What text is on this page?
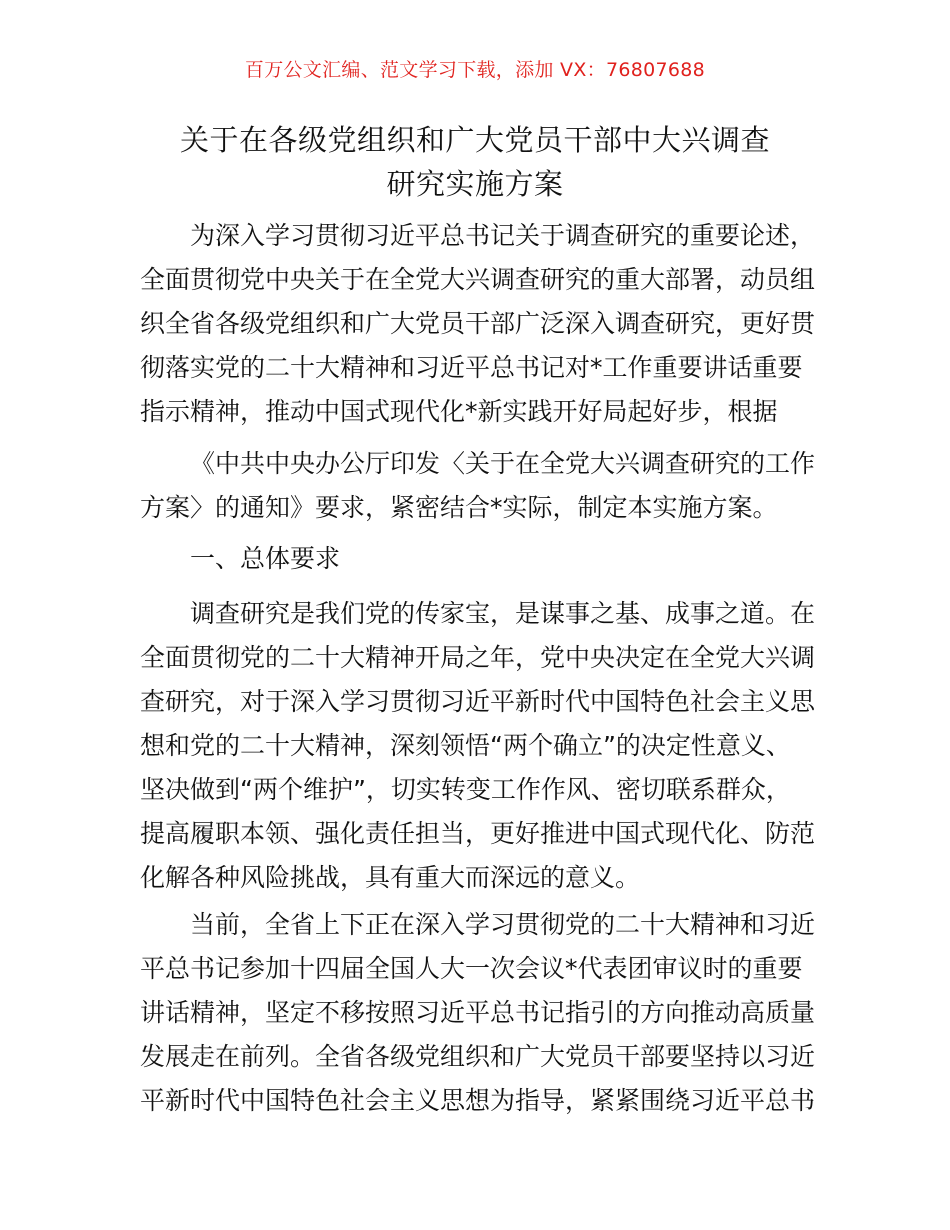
百万公文汇编、范文学习下载，添加 VX：76807688
关于在各级党组织和广大党员干部中大兴调查
研究实施方案
为深入学习贯彻习近平总书记关于调查研究的重要论述，
全面贯彻党中央关于在全党大兴调查研究的重大部署，动员组
织全省各级党组织和广大党员干部广泛深入调查研究，更好贯
彻落实党的二十大精神和习近平总书记对*工作重要讲话重要
指示精神，推动中国式现代化*新实践开好局起好步，根据
《中共中央办公厅印发〈关于在全党大兴调查研究的工作
方案〉的通知》要求，紧密结合*实际，制定本实施方案。
一、总体要求
调查研究是我们党的传家宝，是谋事之基、成事之道。在
全面贯彻党的二十大精神开局之年，党中央决定在全党大兴调
查研究，对于深入学习贯彻习近平新时代中国特色社会主义思
想和党的二十大精神，深刻领悟“两个确立”的决定性意义、
坚决做到“两个维护”，切实转变工作作风、密切联系群众，
提高履职本领、强化责任担当，更好推进中国式现代化、防范
化解各种风险挑战，具有重大而深远的意义。
当前，全省上下正在深入学习贯彻党的二十大精神和习近
平总书记参加十四届全国人大一次会议*代表团审议时的重要
讲话精神，坚定不移按照习近平总书记指引的方向推动高质量
发展走在前列。全省各级党组织和广大党员干部要坚持以习近
平新时代中国特色社会主义思想为指导，紧紧围绕习近平总书
